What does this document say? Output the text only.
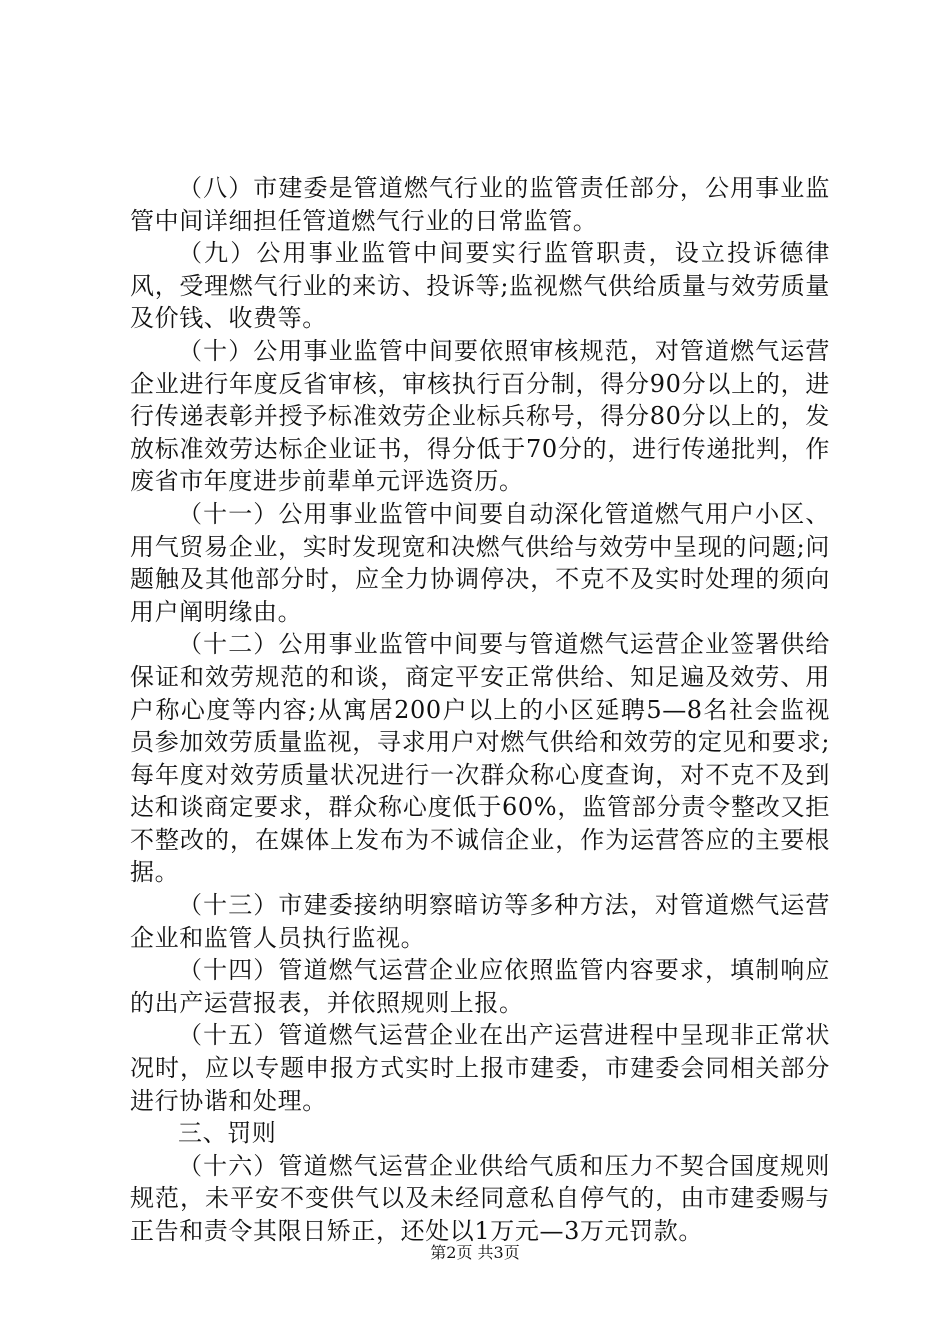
（八）市建委是管道燃气行业的监管责任部分，公用事业监管中间详细担任管道燃气行业的日常监管。

（九）公用事业监管中间要实行监管职责，设立投诉德律风，受理燃气行业的来访、投诉等;监视燃气供给质量与效劳质量及价钱、收费等。

（十）公用事业监管中间要依照审核规范，对管道燃气运营企业进行年度反省审核，审核执行百分制，得分90分以上的，进行传递表彰并授予标准效劳企业标兵称号，得分80分以上的，发放标准效劳达标企业证书，得分低于70分的，进行传递批判，作废省市年度进步前辈单元评选资历。

（十一）公用事业监管中间要自动深化管道燃气用户小区、用气贸易企业，实时发现宽和决燃气供给与效劳中呈现的问题;问题触及其他部分时，应全力协调停决，不克不及实时处理的须向用户阐明缘由。

（十二）公用事业监管中间要与管道燃气运营企业签署供给保证和效劳规范的和谈，商定平安正常供给、知足遍及效劳、用户称心度等内容;从寓居200户以上的小区延聘5—8名社会监视员参加效劳质量监视，寻求用户对燃气供给和效劳的定见和要求;每年度对效劳质量状况进行一次群众称心度查询，对不克不及到达和谈商定要求，群众称心度低于60%，监管部分责令整改又拒不整改的，在媒体上发布为不诚信企业，作为运营答应的主要根据。

（十三）市建委接纳明察暗访等多种方法，对管道燃气运营企业和监管人员执行监视。

（十四）管道燃气运营企业应依照监管内容要求，填制响应的出产运营报表，并依照规则上报。

（十五）管道燃气运营企业在出产运营进程中呈现非正常状况时，应以专题申报方式实时上报市建委，市建委会同相关部分进行协谐和处理。

三、罚则

（十六）管道燃气运营企业供给气质和压力不契合国度规则规范，未平安不变供气以及未经同意私自停气的，由市建委赐与正告和责令其限日矫正，还处以1万元—3万元罚款。

第2页 共3页
